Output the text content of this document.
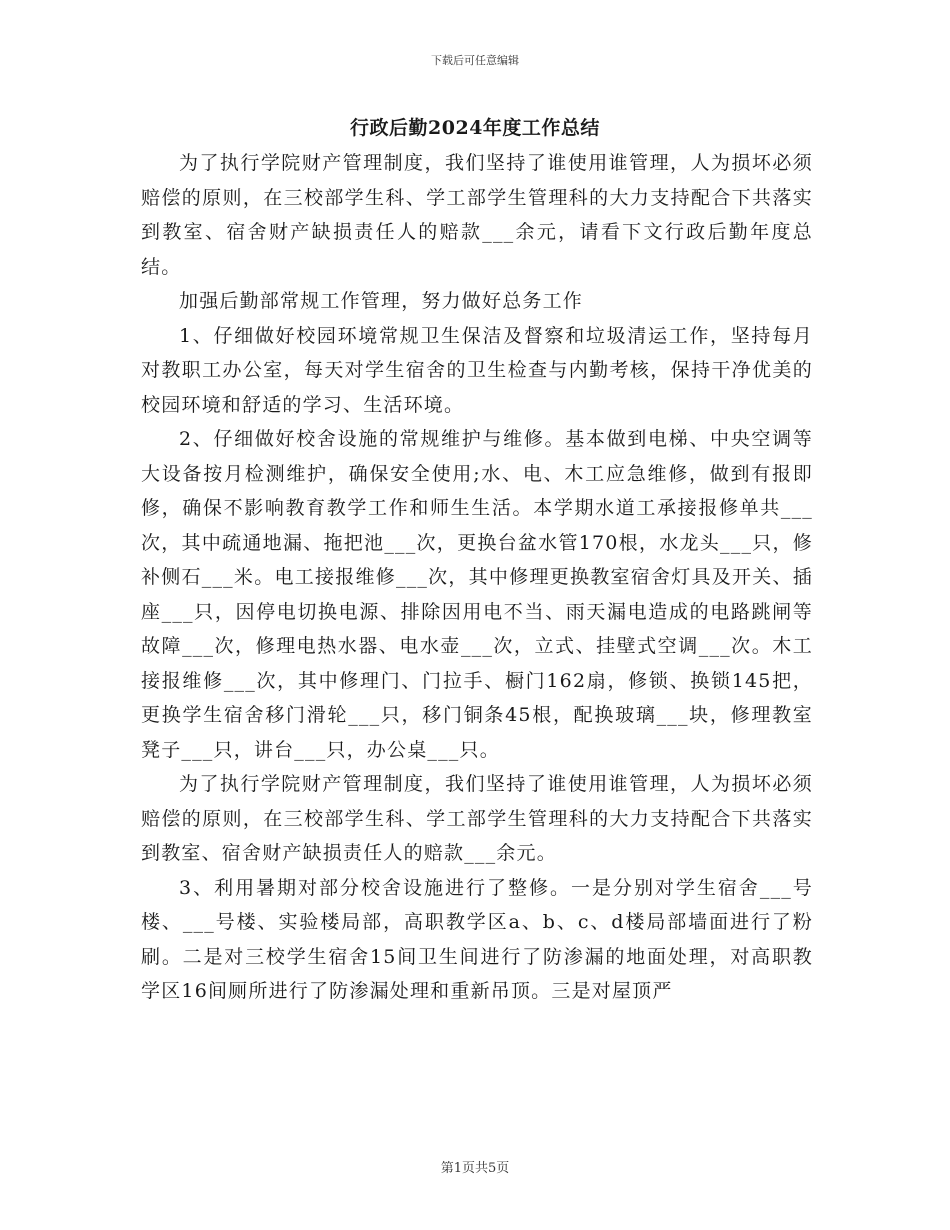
下载后可任意编辑
行政后勤2024年度工作总结

为了执行学院财产管理制度，我们坚持了谁使用谁管理，人为损坏必须赔偿的原则，在三校部学生科、学工部学生管理科的大力支持配合下共落实到教室、宿舍财产缺损责任人的赔款___余元，请看下文行政后勤年度总结。

加强后勤部常规工作管理，努力做好总务工作

1、仔细做好校园环境常规卫生保洁及督察和垃圾清运工作，坚持每月对教职工办公室，每天对学生宿舍的卫生检查与内勤考核，保持干净优美的校园环境和舒适的学习、生活环境。

2、仔细做好校舍设施的常规维护与维修。基本做到电梯、中央空调等大设备按月检测维护，确保安全使用;水、电、木工应急维修，做到有报即修，确保不影响教育教学工作和师生生活。本学期水道工承接报修单共___次，其中疏通地漏、拖把池___次，更换台盆水管170根，水龙头___只，修补侧石___米。电工接报维修___次，其中修理更换教室宿舍灯具及开关、插座___只，因停电切换电源、排除因用电不当、雨天漏电造成的电路跳闸等故障___次，修理电热水器、电水壶___次，立式、挂壁式空调___次。木工接报维修___次，其中修理门、门拉手、橱门162扇，修锁、换锁145把，更换学生宿舍移门滑轮___只，移门铜条45根，配换玻璃___块，修理教室凳子___只，讲台___只，办公桌___只。

为了执行学院财产管理制度，我们坚持了谁使用谁管理，人为损坏必须赔偿的原则，在三校部学生科、学工部学生管理科的大力支持配合下共落实到教室、宿舍财产缺损责任人的赔款___余元。

3、利用暑期对部分校舍设施进行了整修。一是分别对学生宿舍___号楼、___号楼、实验楼局部，高职教学区a、b、c、d楼局部墙面进行了粉刷。二是对三校学生宿舍15间卫生间进行了防渗漏的地面处理，对高职教学区16间厕所进行了防渗漏处理和重新吊顶。三是对屋顶严

第1页共5页
